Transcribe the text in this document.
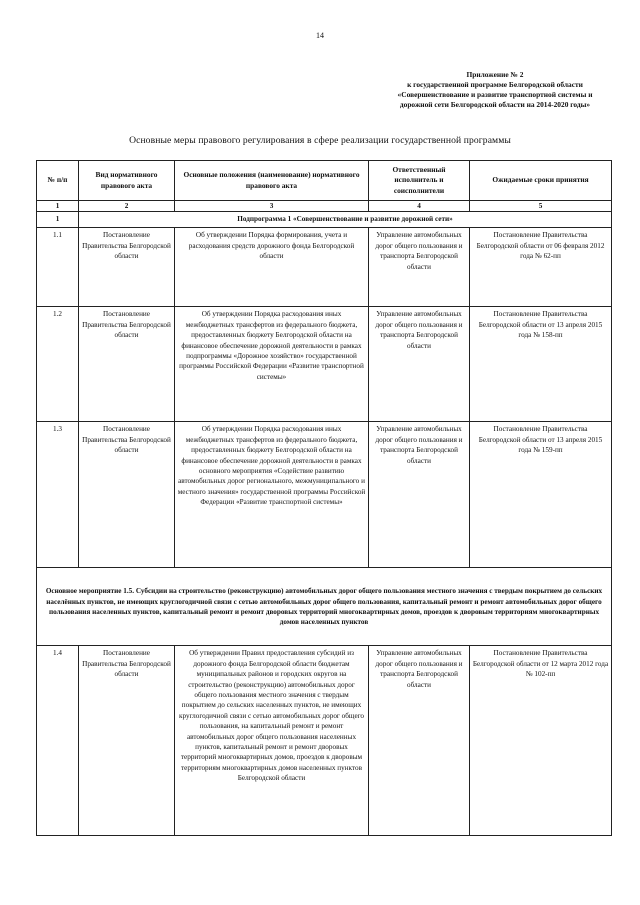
14
Приложение № 2
к государственной программе Белгородской области
«Совершенствование и развитие транспортной системы и
дорожной сети Белгородской области на 2014-2020 годы»
Основные меры правового регулирования в сфере реализации государственной программы
№ п/п	Вид нормативного правового акта	Основные положения (наименование) нормативного правового акта	Ответственный исполнитель и соисполнители	Ожидаемые сроки принятия
1	2	3	4	5
1	Подпрограмма 1 «Совершенствование и развитие дорожной сети»			
1.1	Постановление Правительства Белгородской области	Об утверждении Порядка формирования, учета и расходования средств дорожного фонда Белгородской области	Управление автомобильных дорог общего пользования и транспорта Белгородской области	Постановление Правительства Белгородской области от 06 февраля 2012 года № 62-пп
1.2	Постановление Правительства Белгородской области	Об утверждении Порядка расходования иных межбюджетных трансфертов из федерального бюджета, предоставленных бюджету Белгородской области на финансовое обеспечение дорожной деятельности в рамках подпрограммы «Дорожное хозяйство» государственной программы Российской Федерации «Развитие транспортной системы»	Управление автомобильных дорог общего пользования и транспорта Белгородской области	Постановление Правительства Белгородской области от 13 апреля 2015 года № 158-пп
1.3	Постановление Правительства Белгородской области	Об утверждении Порядка расходования иных межбюджетных трансфертов из федерального бюджета, предоставленных бюджету Белгородской области на финансовое обеспечение дорожной деятельности в рамках основного мероприятия «Содействие развитию автомобильных дорог регионального, межмуниципального и местного значения» государственной программы Российской Федерации «Развитие транспортной системы»	Управление автомобильных дорог общего пользования и транспорта Белгородской области	Постановление Правительства Белгородской области от 13 апреля 2015 года № 159-пп
Основное мероприятие 1.5. Субсидии на строительство (реконструкцию) автомобильных дорог общего пользования местного значения с твердым покрытием до сельских населённых пунктов, не имеющих круглогодичной связи с сетью автомобильных дорог общего пользования, капитальный ремонт и ремонт автомобильных дорог общего пользования населенных пунктов, капитальный ремонт и ремонт дворовых территорий многоквартирных домов, проездов к дворовым территориям многоквартирных домов населенных пунктов				
1.4	Постановление Правительства Белгородской области	Об утверждении Правил предоставления субсидий из дорожного фонда Белгородской области бюджетам муниципальных районов и городских округов на строительство (реконструкцию) автомобильных дорог общего пользования местного значения с твердым покрытием до сельских населенных пунктов, не имеющих круглогодичной связи с сетью автомобильных дорог общего пользования, на капитальный ремонт и ремонт автомобильных дорог общего пользования населенных пунктов, капитальный ремонт и ремонт дворовых территорий многоквартирных домов, проездов к дворовым территориям многоквартирных домов населенных пунктов Белгородской области	Управление автомобильных дорог общего пользования и транспорта Белгородской области	Постановление Правительства Белгородской области от 12 марта 2012 года № 102-пп
